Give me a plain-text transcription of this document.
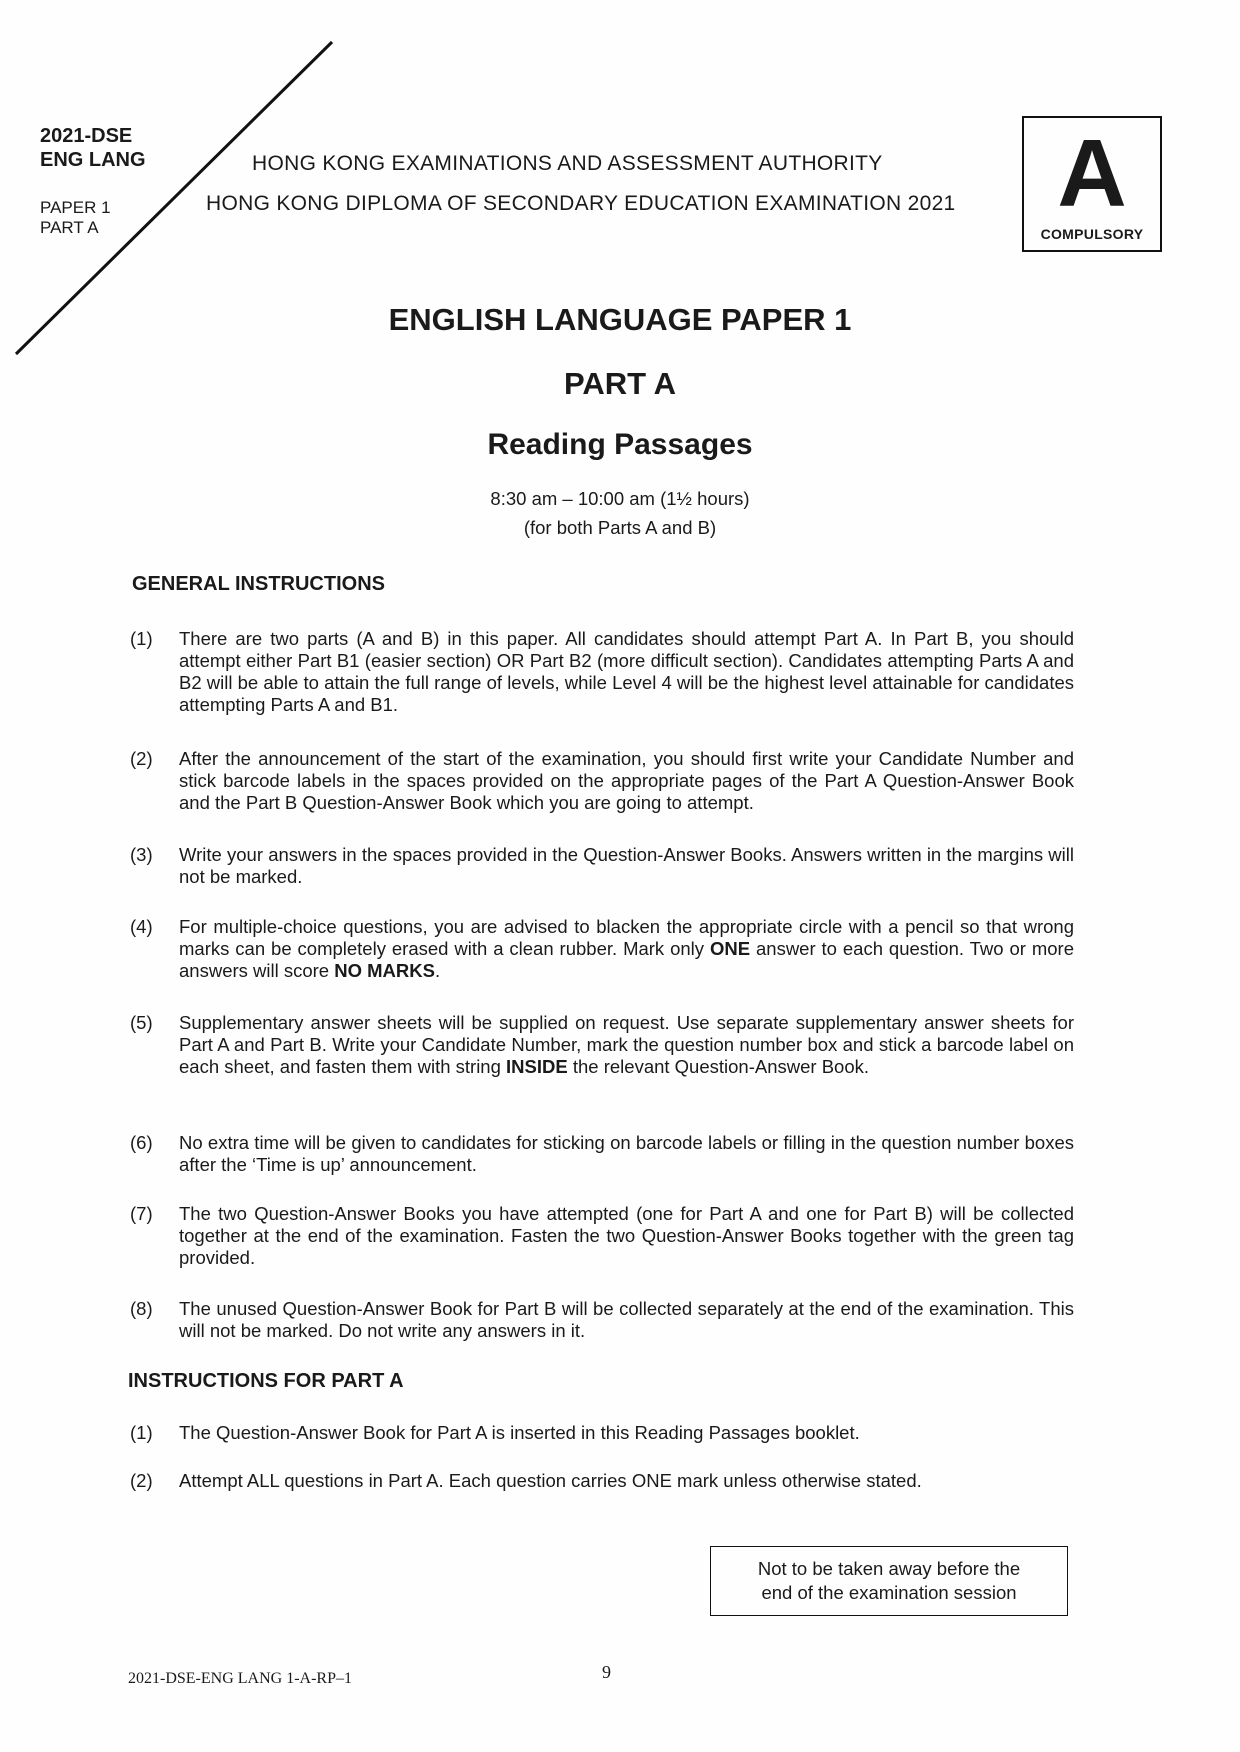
2021-DSE
ENG LANG
PAPER 1
PART A
HONG KONG EXAMINATIONS AND ASSESSMENT AUTHORITY
HONG KONG DIPLOMA OF SECONDARY EDUCATION EXAMINATION 2021	A
COMPULSORY
ENGLISH LANGUAGE PAPER 1
PART A
Reading Passages
8:30 am – 10:00 am (1½ hours)
(for both Parts A and B)
GENERAL INSTRUCTIONS
(1) There are two parts (A and B) in this paper. All candidates should attempt Part A. In Part B, you should attempt either Part B1 (easier section) OR Part B2 (more difficult section). Candidates attempting Parts A and B2 will be able to attain the full range of levels, while Level 4 will be the highest level attainable for candidates attempting Parts A and B1.
(2) After the announcement of the start of the examination, you should first write your Candidate Number and stick barcode labels in the spaces provided on the appropriate pages of the Part A Question-Answer Book and the Part B Question-Answer Book which you are going to attempt.
(3) Write your answers in the spaces provided in the Question-Answer Books. Answers written in the margins will not be marked.
(4) For multiple-choice questions, you are advised to blacken the appropriate circle with a pencil so that wrong marks can be completely erased with a clean rubber. Mark only ONE answer to each question. Two or more answers will score NO MARKS.
(5) Supplementary answer sheets will be supplied on request. Use separate supplementary answer sheets for Part A and Part B. Write your Candidate Number, mark the question number box and stick a barcode label on each sheet, and fasten them with string INSIDE the relevant Question-Answer Book.
(6) No extra time will be given to candidates for sticking on barcode labels or filling in the question number boxes after the ‘Time is up’ announcement.
(7) The two Question-Answer Books you have attempted (one for Part A and one for Part B) will be collected together at the end of the examination. Fasten the two Question-Answer Books together with the green tag provided.
(8) The unused Question-Answer Book for Part B will be collected separately at the end of the examination. This will not be marked. Do not write any answers in it.
INSTRUCTIONS FOR PART A
(1) The Question-Answer Book for Part A is inserted in this Reading Passages booklet.
(2) Attempt ALL questions in Part A. Each question carries ONE mark unless otherwise stated.
Not to be taken away before the
end of the examination session
2021-DSE-ENG LANG 1-A-RP–1	9
